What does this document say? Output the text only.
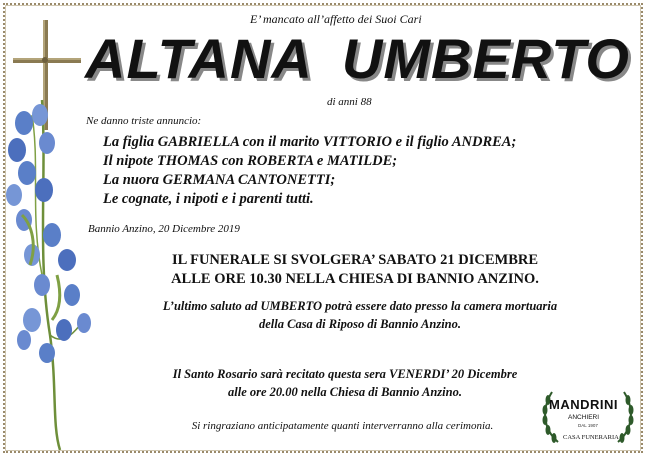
E’ mancato all’affetto dei Suoi Cari
ALTANA UMBERTO
di anni 88
Ne danno triste annuncio:
La figlia GABRIELLA con il marito VITTORIO e il figlio ANDREA;
Il nipote THOMAS con ROBERTA e MATILDE;
La nuora GERMANA CANTONETTI;
Le cognate, i nipoti e i parenti tutti.
Bannio Anzino, 20 Dicembre 2019
IL FUNERALE SI SVOLGERA’ SABATO 21 DICEMBRE
ALLE ORE 10.30 NELLA CHIESA DI BANNIO ANZINO.
L’ultimo saluto ad UMBERTO potrà essere dato presso la camera mortuaria
della Casa di Riposo di Bannio Anzino.
Il Santo Rosario sarà recitato questa sera VENERDI’ 20 Dicembre
alle ore 20.00 nella Chiesa di Bannio Anzino.
Si ringraziano anticipatamente quanti interverranno alla cerimonia.
MANDRINI
ANCHIERI
DAL 1907
CASA FUNERARIA
